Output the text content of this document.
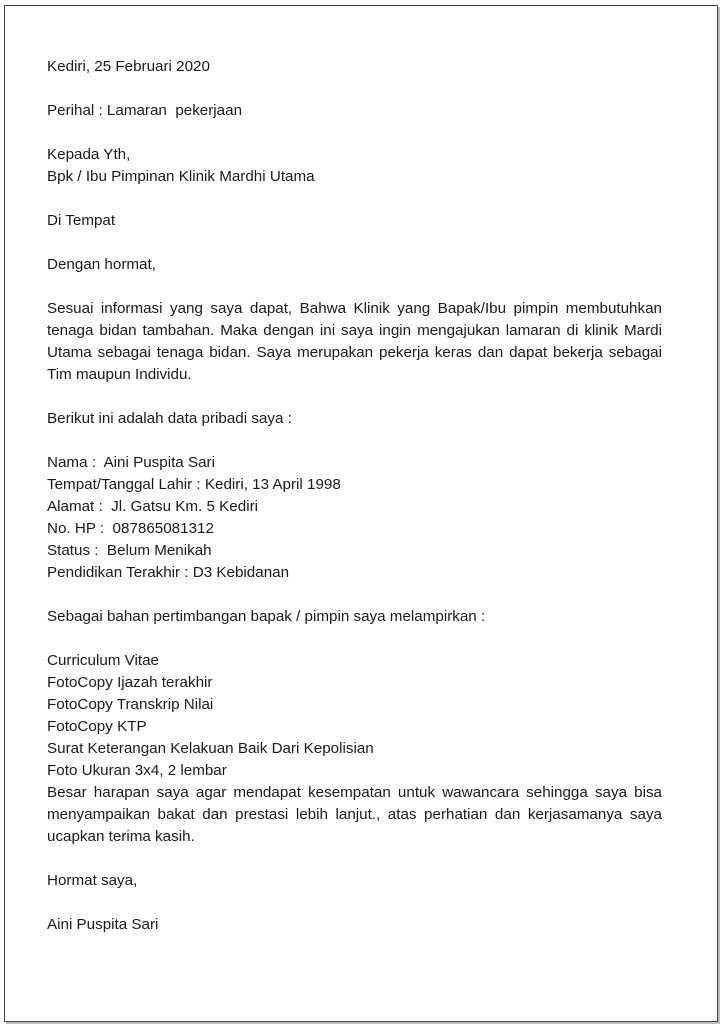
Kediri, 25 Februari 2020
Perihal : Lamaran  pekerjaan
Kepada Yth,
Bpk / Ibu Pimpinan Klinik Mardhi Utama
Di Tempat
Dengan hormat,

Sesuai informasi yang saya dapat, Bahwa Klinik yang Bapak/Ibu pimpin membutuhkan tenaga bidan tambahan. Maka dengan ini saya ingin mengajukan lamaran di klinik Mardi Utama sebagai tenaga bidan. Saya merupakan pekerja keras dan dapat bekerja sebagai Tim maupun Individu.

Berikut ini adalah data pribadi saya :
Nama :  Aini Puspita Sari
Tempat/Tanggal Lahir : Kediri, 13 April 1998
Alamat :  Jl. Gatsu Km. 5 Kediri
No. HP :  087865081312
Status :  Belum Menikah
Pendidikan Terakhir : D3 Kebidanan
Sebagai bahan pertimbangan bapak / pimpin saya melampirkan :
Curriculum Vitae
FotoCopy Ijazah terakhir
FotoCopy Transkrip Nilai
FotoCopy KTP
Surat Keterangan Kelakuan Baik Dari Kepolisian
Foto Ukuran 3x4, 2 lembar

Besar harapan saya agar mendapat kesempatan untuk wawancara sehingga saya bisa menyampaikan bakat dan prestasi lebih lanjut., atas perhatian dan kerjasamanya saya ucapkan terima kasih.

Hormat saya,
Aini Puspita Sari
